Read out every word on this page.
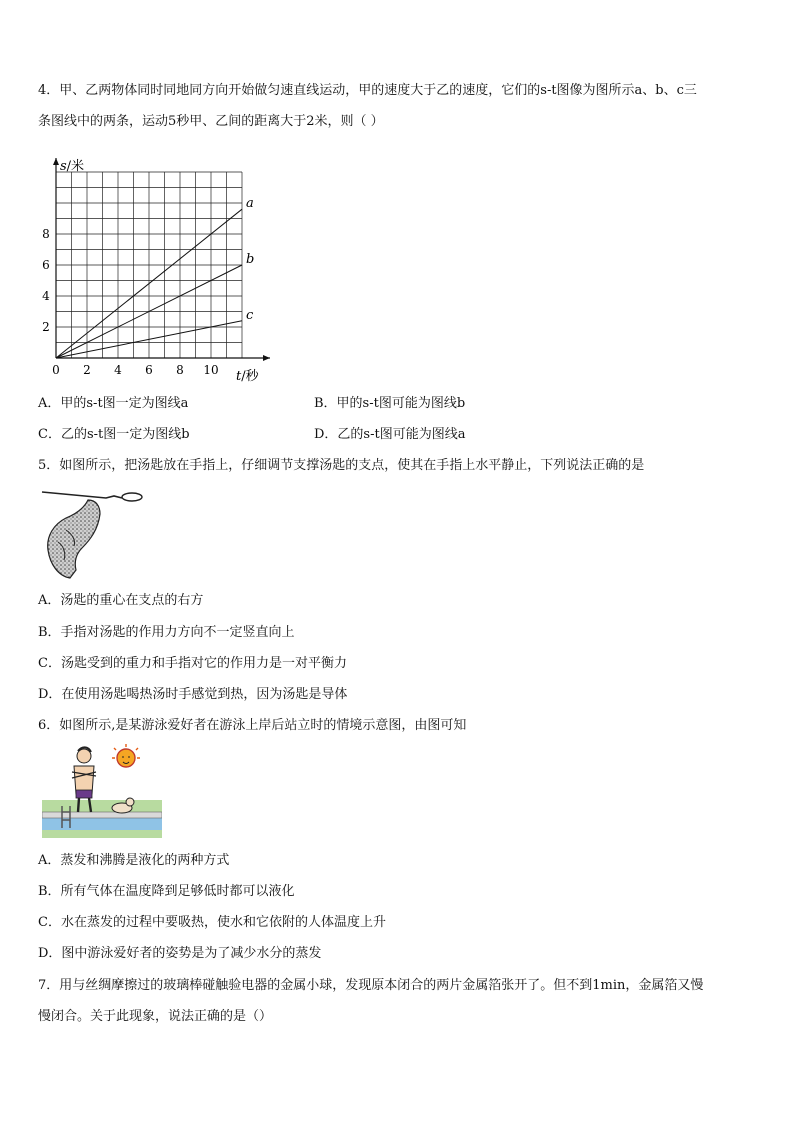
4．甲、乙两物体同时同地同方向开始做匀速直线运动，甲的速度大于乙的速度，它们的s-t图像为图所示a、b、c三
条图线中的两条，运动5秒甲、乙间的距离大于2米，则（ ）
a
b
c
0 2 4 6 8 10
2
4
6
8
s/米
t/秒
A．甲的s-t图一定为图线a	B．甲的s-t图可能为图线b
C．乙的s-t图一定为图线b	D．乙的s-t图可能为图线a
5．如图所示，把汤匙放在手指上，仔细调节支撑汤匙的支点，使其在手指上水平静止，下列说法正确的是
A．汤匙的重心在支点的右方
B．手指对汤匙的作用力方向不一定竖直向上
C．汤匙受到的重力和手指对它的作用力是一对平衡力
D．在使用汤匙喝热汤时手感觉到热，因为汤匙是导体
6．如图所示,是某游泳爱好者在游泳上岸后站立时的情境示意图，由图可知
A．蒸发和沸腾是液化的两种方式
B．所有气体在温度降到足够低时都可以液化
C．水在蒸发的过程中要吸热，使水和它依附的人体温度上升
D．图中游泳爱好者的姿势是为了减少水分的蒸发
7．用与丝绸摩擦过的玻璃棒碰触验电器的金属小球，发现原本闭合的两片金属箔张开了。但不到1min，金属箔又慢
慢闭合。关于此现象，说法正确的是（）
